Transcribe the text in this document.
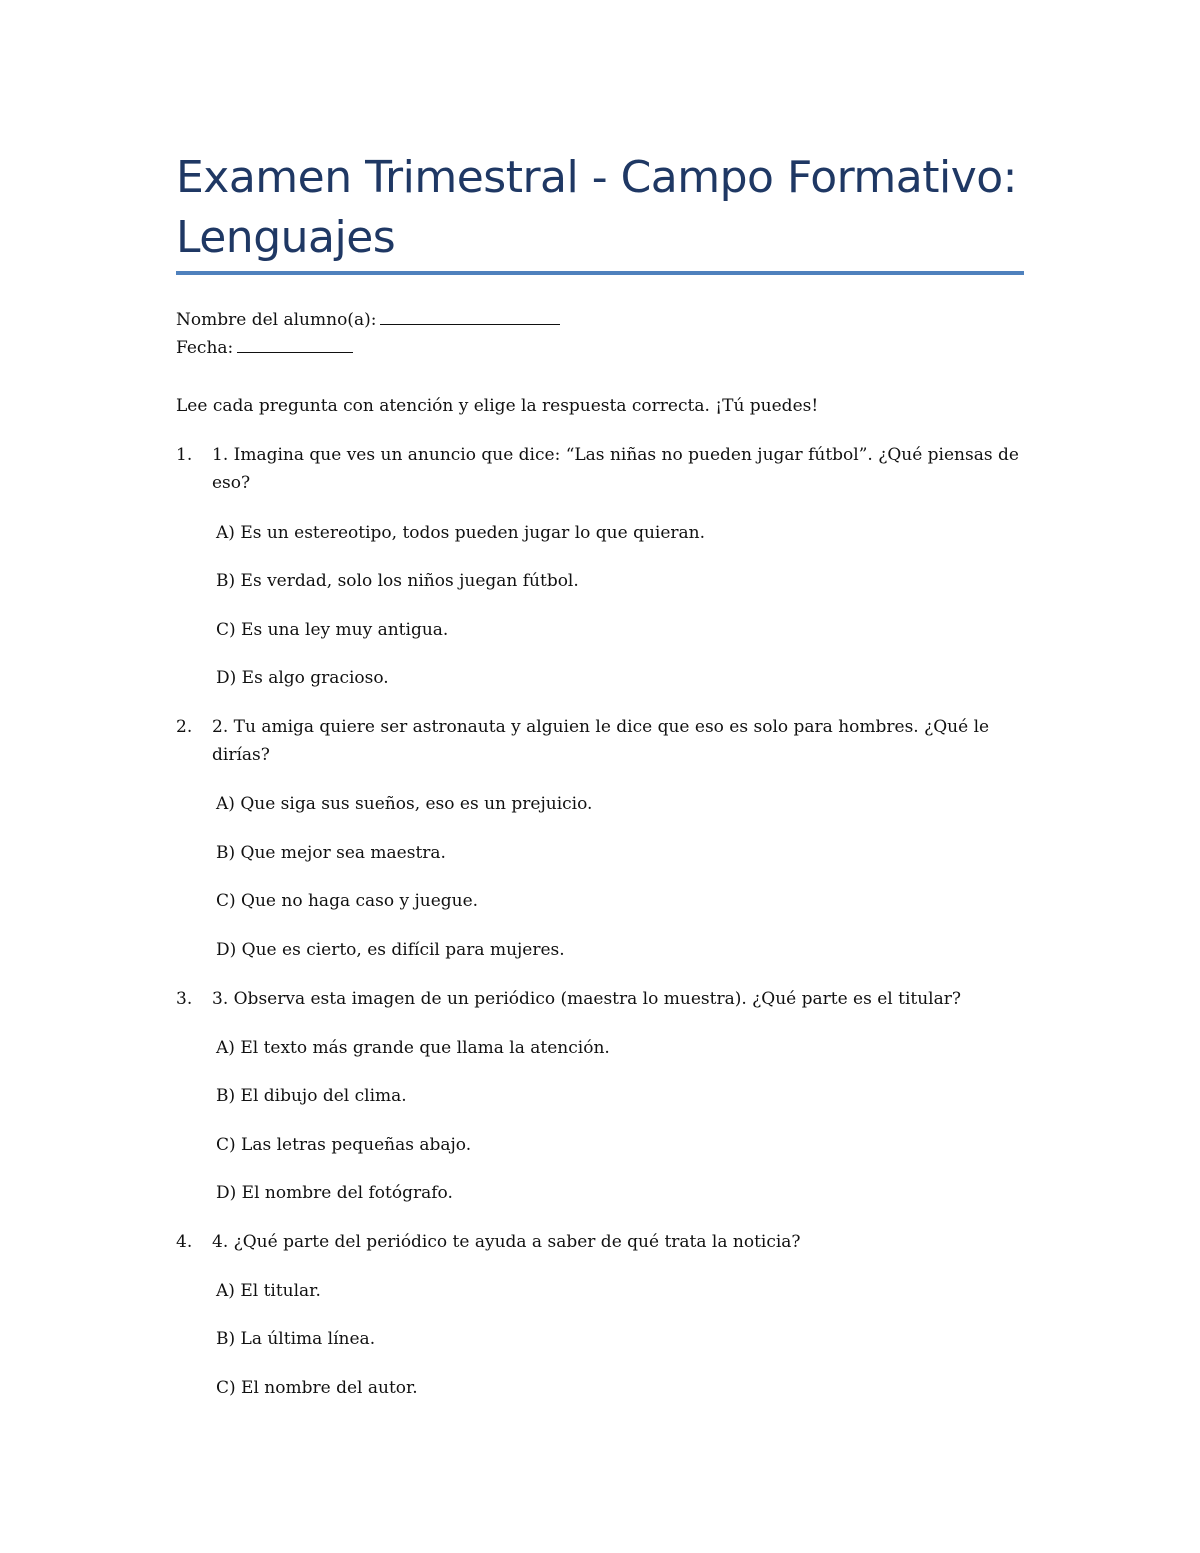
Examen Trimestral - Campo Formativo: Lenguajes
Nombre del alumno(a):
Fecha:
Lee cada pregunta con atención y elige la respuesta correcta. ¡Tú puedes!
1. 1. Imagina que ves un anuncio que dice: “Las niñas no pueden jugar fútbol”. ¿Qué piensas de eso?
A) Es un estereotipo, todos pueden jugar lo que quieran.
B) Es verdad, solo los niños juegan fútbol.
C) Es una ley muy antigua.
D) Es algo gracioso.
2. 2. Tu amiga quiere ser astronauta y alguien le dice que eso es solo para hombres. ¿Qué le dirías?
A) Que siga sus sueños, eso es un prejuicio.
B) Que mejor sea maestra.
C) Que no haga caso y juegue.
D) Que es cierto, es difícil para mujeres.
3. 3. Observa esta imagen de un periódico (maestra lo muestra). ¿Qué parte es el titular?
A) El texto más grande que llama la atención.
B) El dibujo del clima.
C) Las letras pequeñas abajo.
D) El nombre del fotógrafo.
4. 4. ¿Qué parte del periódico te ayuda a saber de qué trata la noticia?
A) El titular.
B) La última línea.
C) El nombre del autor.
